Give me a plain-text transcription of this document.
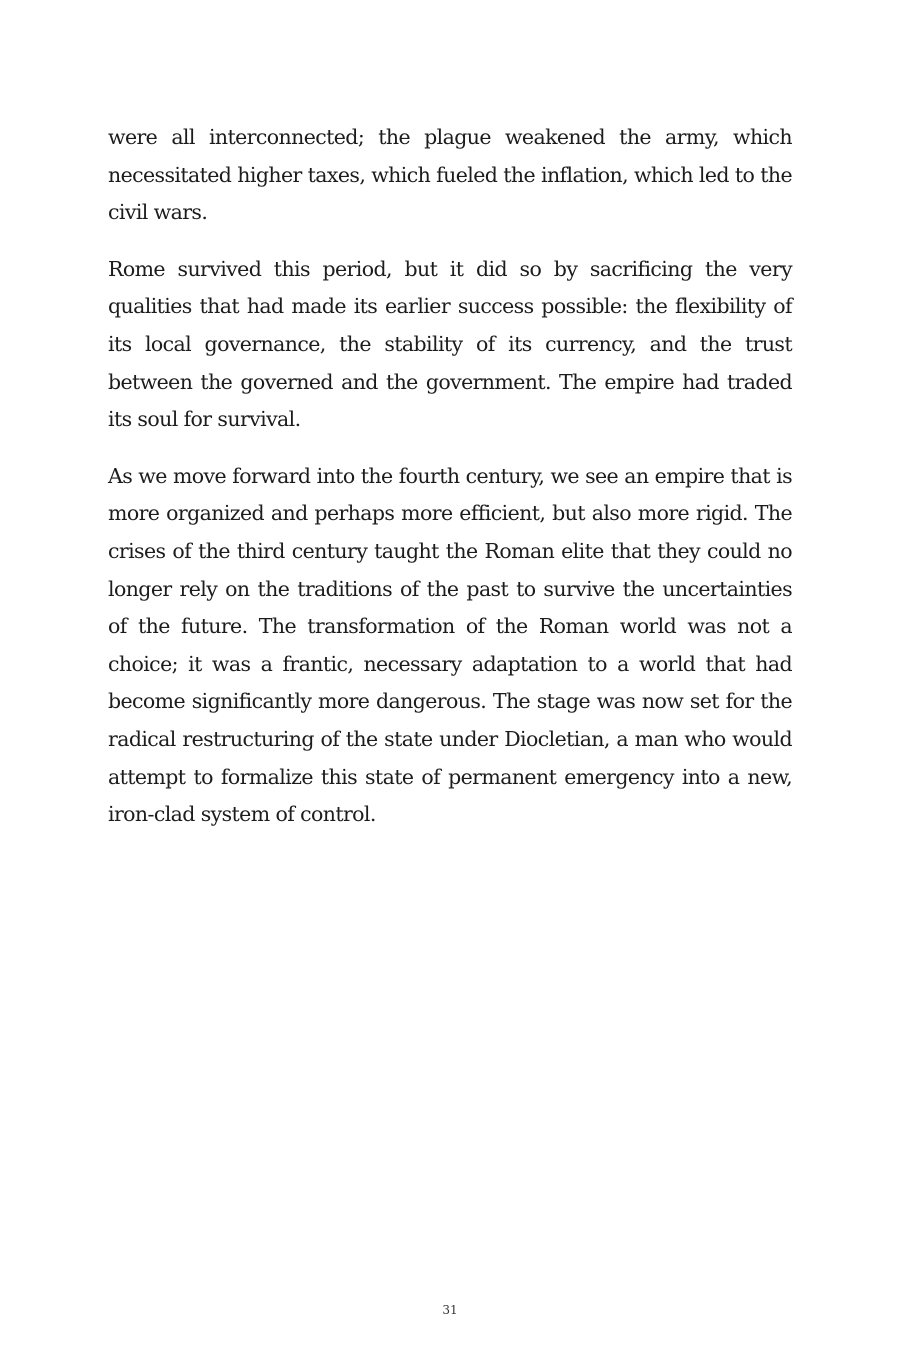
were all interconnected; the plague weakened the army, which necessitated higher taxes, which fueled the inflation, which led to the civil wars.

Rome survived this period, but it did so by sacrificing the very qualities that had made its earlier success possible: the flexibility of its local governance, the stability of its currency, and the trust between the governed and the government. The empire had traded its soul for survival.

As we move forward into the fourth century, we see an empire that is more organized and perhaps more efficient, but also more rigid. The crises of the third century taught the Roman elite that they could no longer rely on the traditions of the past to survive the uncertainties of the future. The transformation of the Roman world was not a choice; it was a frantic, necessary adaptation to a world that had become significantly more dangerous. The stage was now set for the radical restructuring of the state under Diocletian, a man who would attempt to formalize this state of permanent emergency into a new, iron-clad system of control.

31
